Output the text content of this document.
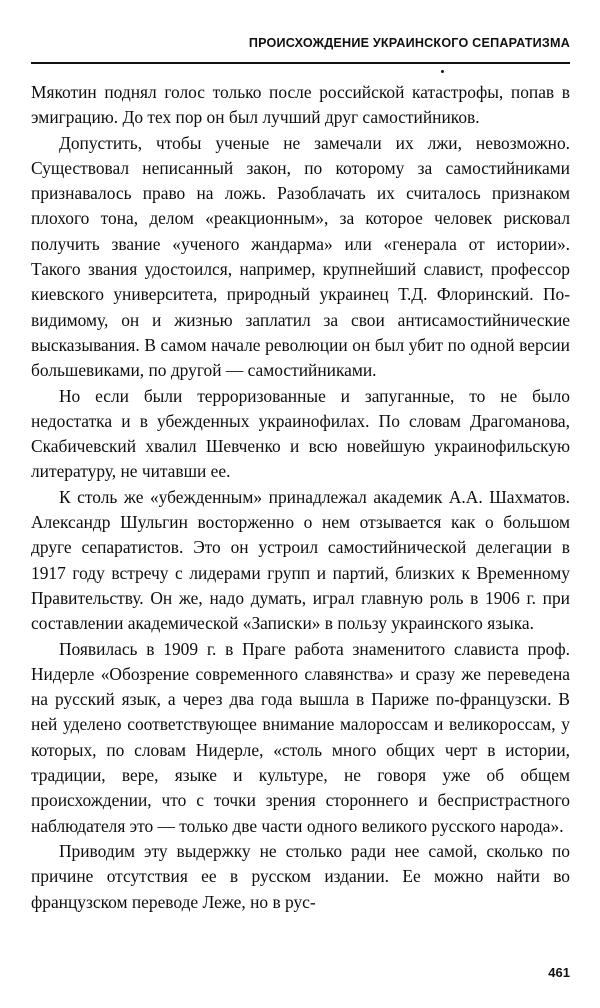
ПРОИСХОЖДЕНИЕ УКРАИНСКОГО СЕПАРАТИЗМА

Мякотин поднял голос только после российской катастрофы, попав в эмиграцию. До тех пор он был лучший друг самостийников.

Допустить, чтобы ученые не замечали их лжи, невозможно. Существовал неписанный закон, по которому за самостийниками признавалось право на ложь. Разоблачать их считалось признаком плохого тона, делом «реакционным», за которое человек рисковал получить звание «ученого жандарма» или «генерала от истории». Такого звания удостоился, например, крупнейший славист, профессор киевского университета, природный украинец Т.Д. Флоринский. По-видимому, он и жизнью заплатил за свои антисамостийнические высказывания. В самом начале революции он был убит по одной версии большевиками, по другой — самостийниками.

Но если были терроризованные и запуганные, то не было недостатка и в убежденных украинофилах. По словам Драгоманова, Скабичевский хвалил Шевченко и всю новейшую украинофильскую литературу, не читавши ее.

К столь же «убежденным» принадлежал академик А.А. Шахматов. Александр Шульгин восторженно о нем отзывается как о большом друге сепаратистов. Это он устроил самостийнической делегации в 1917 году встречу с лидерами групп и партий, близких к Временному Правительству. Он же, надо думать, играл главную роль в 1906 г. при составлении академической «Записки» в пользу украинского языка.

Появилась в 1909 г. в Праге работа знаменитого слависта проф. Нидерле «Обозрение современного славянства» и сразу же переведена на русский язык, а через два года вышла в Париже по-французски. В ней уделено соответствующее внимание малороссам и великороссам, у которых, по словам Нидерле, «столь много общих черт в истории, традиции, вере, языке и культуре, не говоря уже об общем происхождении, что с точки зрения стороннего и беспристрастного наблюдателя это — только две части одного великого русского народа».

Приводим эту выдержку не столько ради нее самой, сколько по причине отсутствия ее в русском издании. Ее можно найти во французском переводе Леже, но в рус-

461
